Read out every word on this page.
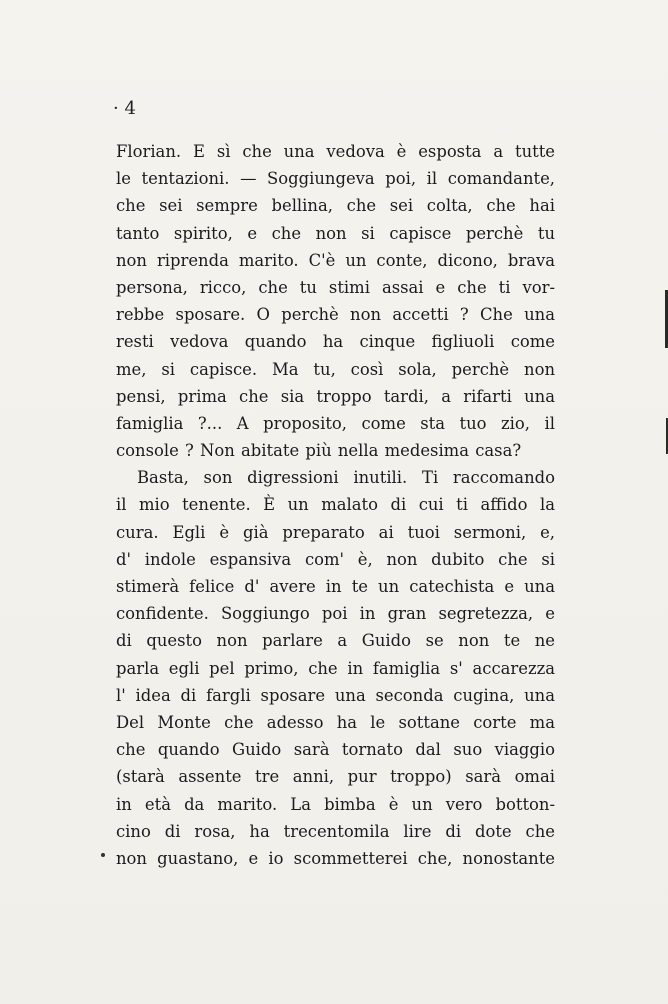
· 4
Florian. E sì che una vedova è esposta a tutte
le tentazioni. — Soggiungeva poi, il comandante,
che sei sempre bellina, che sei colta, che hai
tanto spirito, e che non si capisce perchè tu
non riprenda marito. C'è un conte, dicono, brava
persona, ricco, che tu stimi assai e che ti vor-
rebbe sposare. O perchè non accetti ? Che una
resti vedova quando ha cinque figliuoli come
me, si capisce. Ma tu, così sola, perchè non
pensi, prima che sia troppo tardi, a rifarti una
famiglia ?... A proposito, come sta tuo zio, il
console ? Non abitate più nella medesima casa?
Basta, son digressioni inutili. Ti raccomando
il mio tenente. È un malato di cui ti affido la
cura. Egli è già preparato ai tuoi sermoni, e,
d' indole espansiva com' è, non dubito che si
stimerà felice d' avere in te un catechista e una
confidente. Soggiungo poi in gran segretezza, e
di questo non parlare a Guido se non te ne
parla egli pel primo, che in famiglia s' accarezza
l' idea di fargli sposare una seconda cugina, una
Del Monte che adesso ha le sottane corte ma
che quando Guido sarà tornato dal suo viaggio
(starà assente tre anni, pur troppo) sarà omai
in età da marito. La bimba è un vero botton-
cino di rosa, ha trecentomila lire di dote che
non guastano, e io scommetterei che, nonostante
